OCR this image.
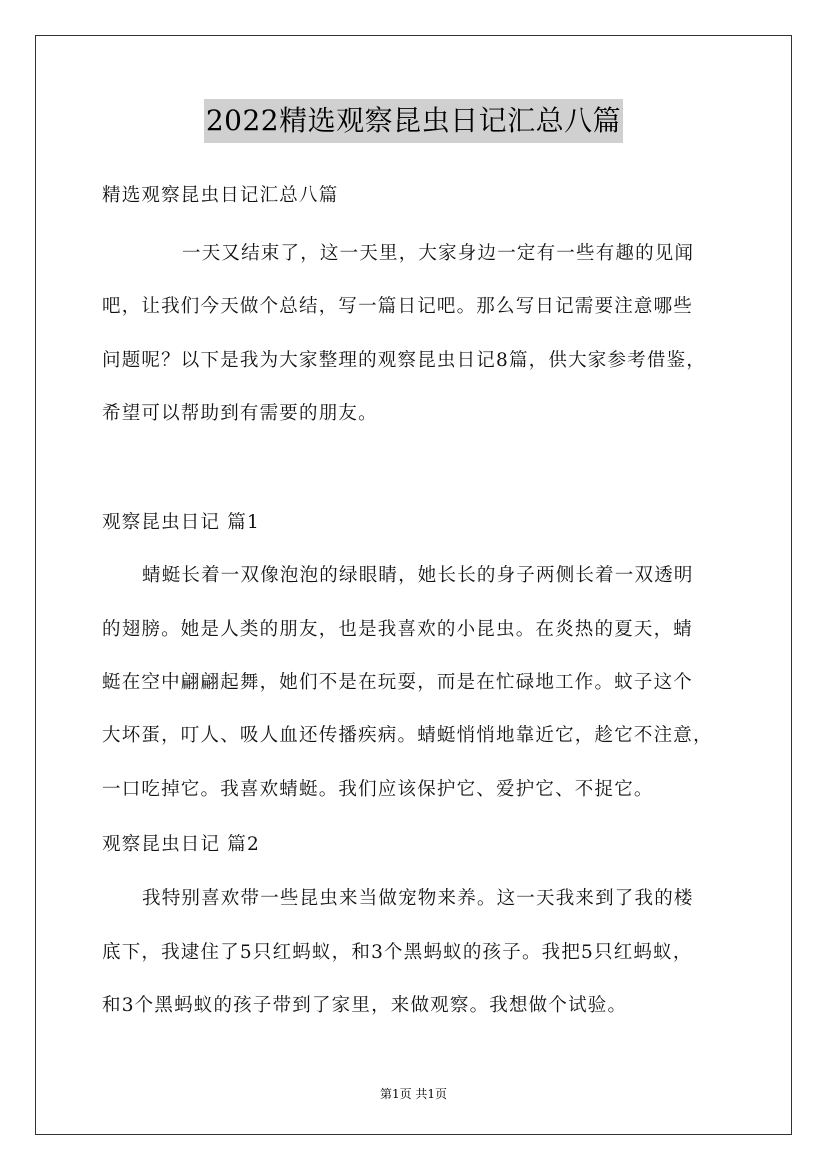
2022精选观察昆虫日记汇总八篇
精选观察昆虫日记汇总八篇
一天又结束了，这一天里，大家身边一定有一些有趣的见闻
吧，让我们今天做个总结，写一篇日记吧。那么写日记需要注意哪些
问题呢？以下是我为大家整理的观察昆虫日记8篇，供大家参考借鉴，
希望可以帮助到有需要的朋友。
观察昆虫日记 篇1
蜻蜓长着一双像泡泡的绿眼睛，她长长的身子两侧长着一双透明
的翅膀。她是人类的朋友，也是我喜欢的小昆虫。在炎热的夏天，蜻
蜓在空中翩翩起舞，她们不是在玩耍，而是在忙碌地工作。蚊子这个
大坏蛋，叮人、吸人血还传播疾病。蜻蜓悄悄地靠近它，趁它不注意，
一口吃掉它。我喜欢蜻蜓。我们应该保护它、爱护它、不捉它。
观察昆虫日记 篇2
我特别喜欢带一些昆虫来当做宠物来养。这一天我来到了我的楼
底下，我逮住了5只红蚂蚁，和3个黑蚂蚁的孩子。我把5只红蚂蚁，
和3个黑蚂蚁的孩子带到了家里，来做观察。我想做个试验。
第1页 共1页
